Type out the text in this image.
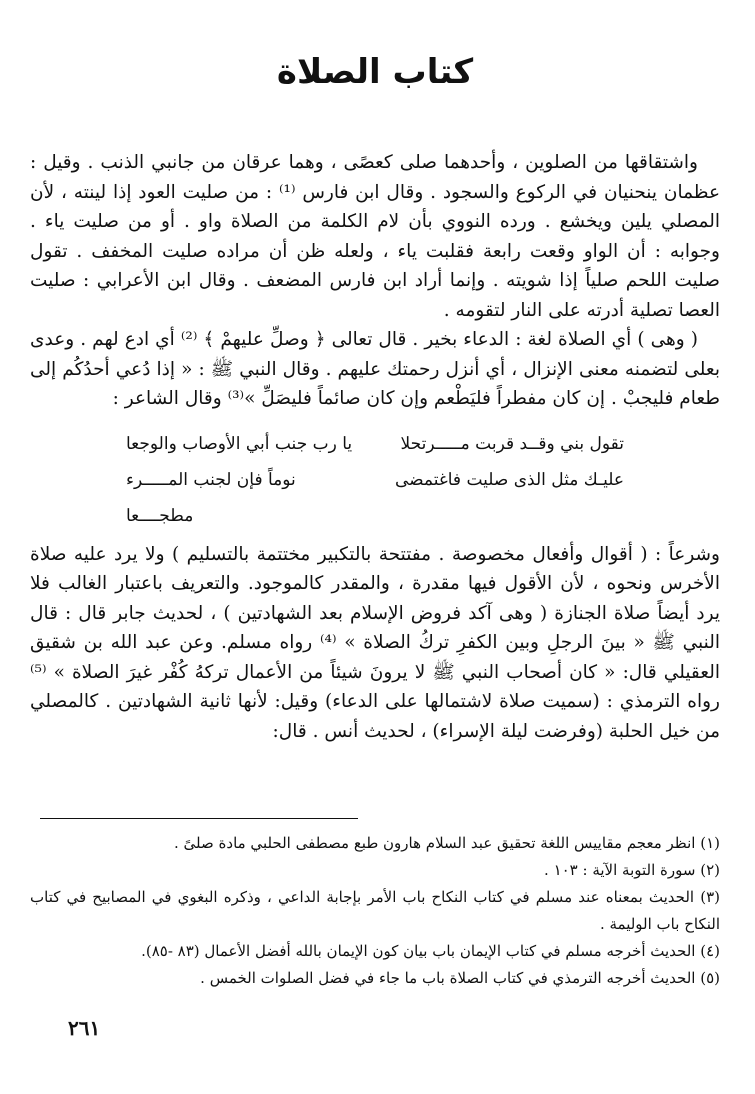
كتاب الصلاة

واشتقاقها من الصلوين ، وأحدهما صلى كعصًى ، وهما عرقان من جانبي الذنب . وقيل : عظمان ينحنيان في الركوع والسجود . وقال ابن فارس ⁽¹⁾ : من صليت العود إذا لينته ، لأن المصلي يلين ويخشع . ورده النووي بأن لام الكلمة من الصلاة واو . أو من صليت ياء . وجوابه : أن الواو وقعت رابعة فقلبت ياء ، ولعله ظن أن مراده صليت المخفف . تقول صليت اللحم صلياً إذا شويته . وإنما أراد ابن فارس المضعف . وقال ابن الأعرابي : صليت العصا تصلية أدرته على النار لتقومه .

( وهى ) أي الصلاة لغة : الدعاء بخير . قال تعالى ﴿ وصلِّ عليهمْ ﴾ ⁽²⁾ أي ادع لهم . وعدى بعلى لتضمنه معنى الإنزال ، أي أنزل رحمتك عليهم . وقال النبي ﷺ : « إذا دُعي أحدُكُم إلى طعام فليجبْ . إن كان مفطراً فليَطْعم وإن كان صائماً فليصَلِّ »⁽³⁾ وقال الشاعر :

تقول بني وقــد قربت مـــــرتحلا
يا رب جنب أبي الأوصاب والوجعا
عليـك مثل الذى صليت فاغتمضى
نوماً فإن لجنب المـــــرء مطجــــعا

وشرعاً : ( أقوال وأفعال مخصوصة . مفتتحة بالتكبير مختتمة بالتسليم ) ولا يرد عليه صلاة الأخرس ونحوه ، لأن الأقول فيها مقدرة ، والمقدر كالموجود. والتعريف باعتبار الغالب فلا يرد أيضاً صلاة الجنازة ( وهى آكد فروض الإسلام بعد الشهادتين ) ، لحديث جابر قال : قال النبي ﷺ « بينَ الرجلِ وبين الكفرِ تركُ الصلاة » ⁽⁴⁾ رواه مسلم. وعن عبد الله بن شقيق العقيلي قال: « كان أصحاب النبي ﷺ لا يرونَ شيئاً من الأعمال تركهُ كُفْر غيرَ الصلاة » ⁽⁵⁾ رواه الترمذي : (سميت صلاة لاشتمالها على الدعاء) وقيل: لأنها ثانية الشهادتين . كالمصلي من خيل الحلبة (وفرضت ليلة الإسراء) ، لحديث أنس . قال:

(١) انظر معجم مقاييس اللغة تحقيق عبد السلام هارون طبع مصطفى الحلبي مادة صلىً .
(٢) سورة التوبة الآية : ١٠٣ .
(٣) الحديث بمعناه عند مسلم في كتاب النكاح باب الأمر بإجابة الداعي ، وذكره البغوي في المصابيح في كتاب النكاح باب الوليمة .
(٤) الحديث أخرجه مسلم في كتاب الإيمان باب بيان كون الإيمان بالله أفضل الأعمال (٨٣ -٨٥).
(٥) الحديث أخرجه الترمذي في كتاب الصلاة باب ما جاء في فضل الصلوات الخمس .
٢٦١
